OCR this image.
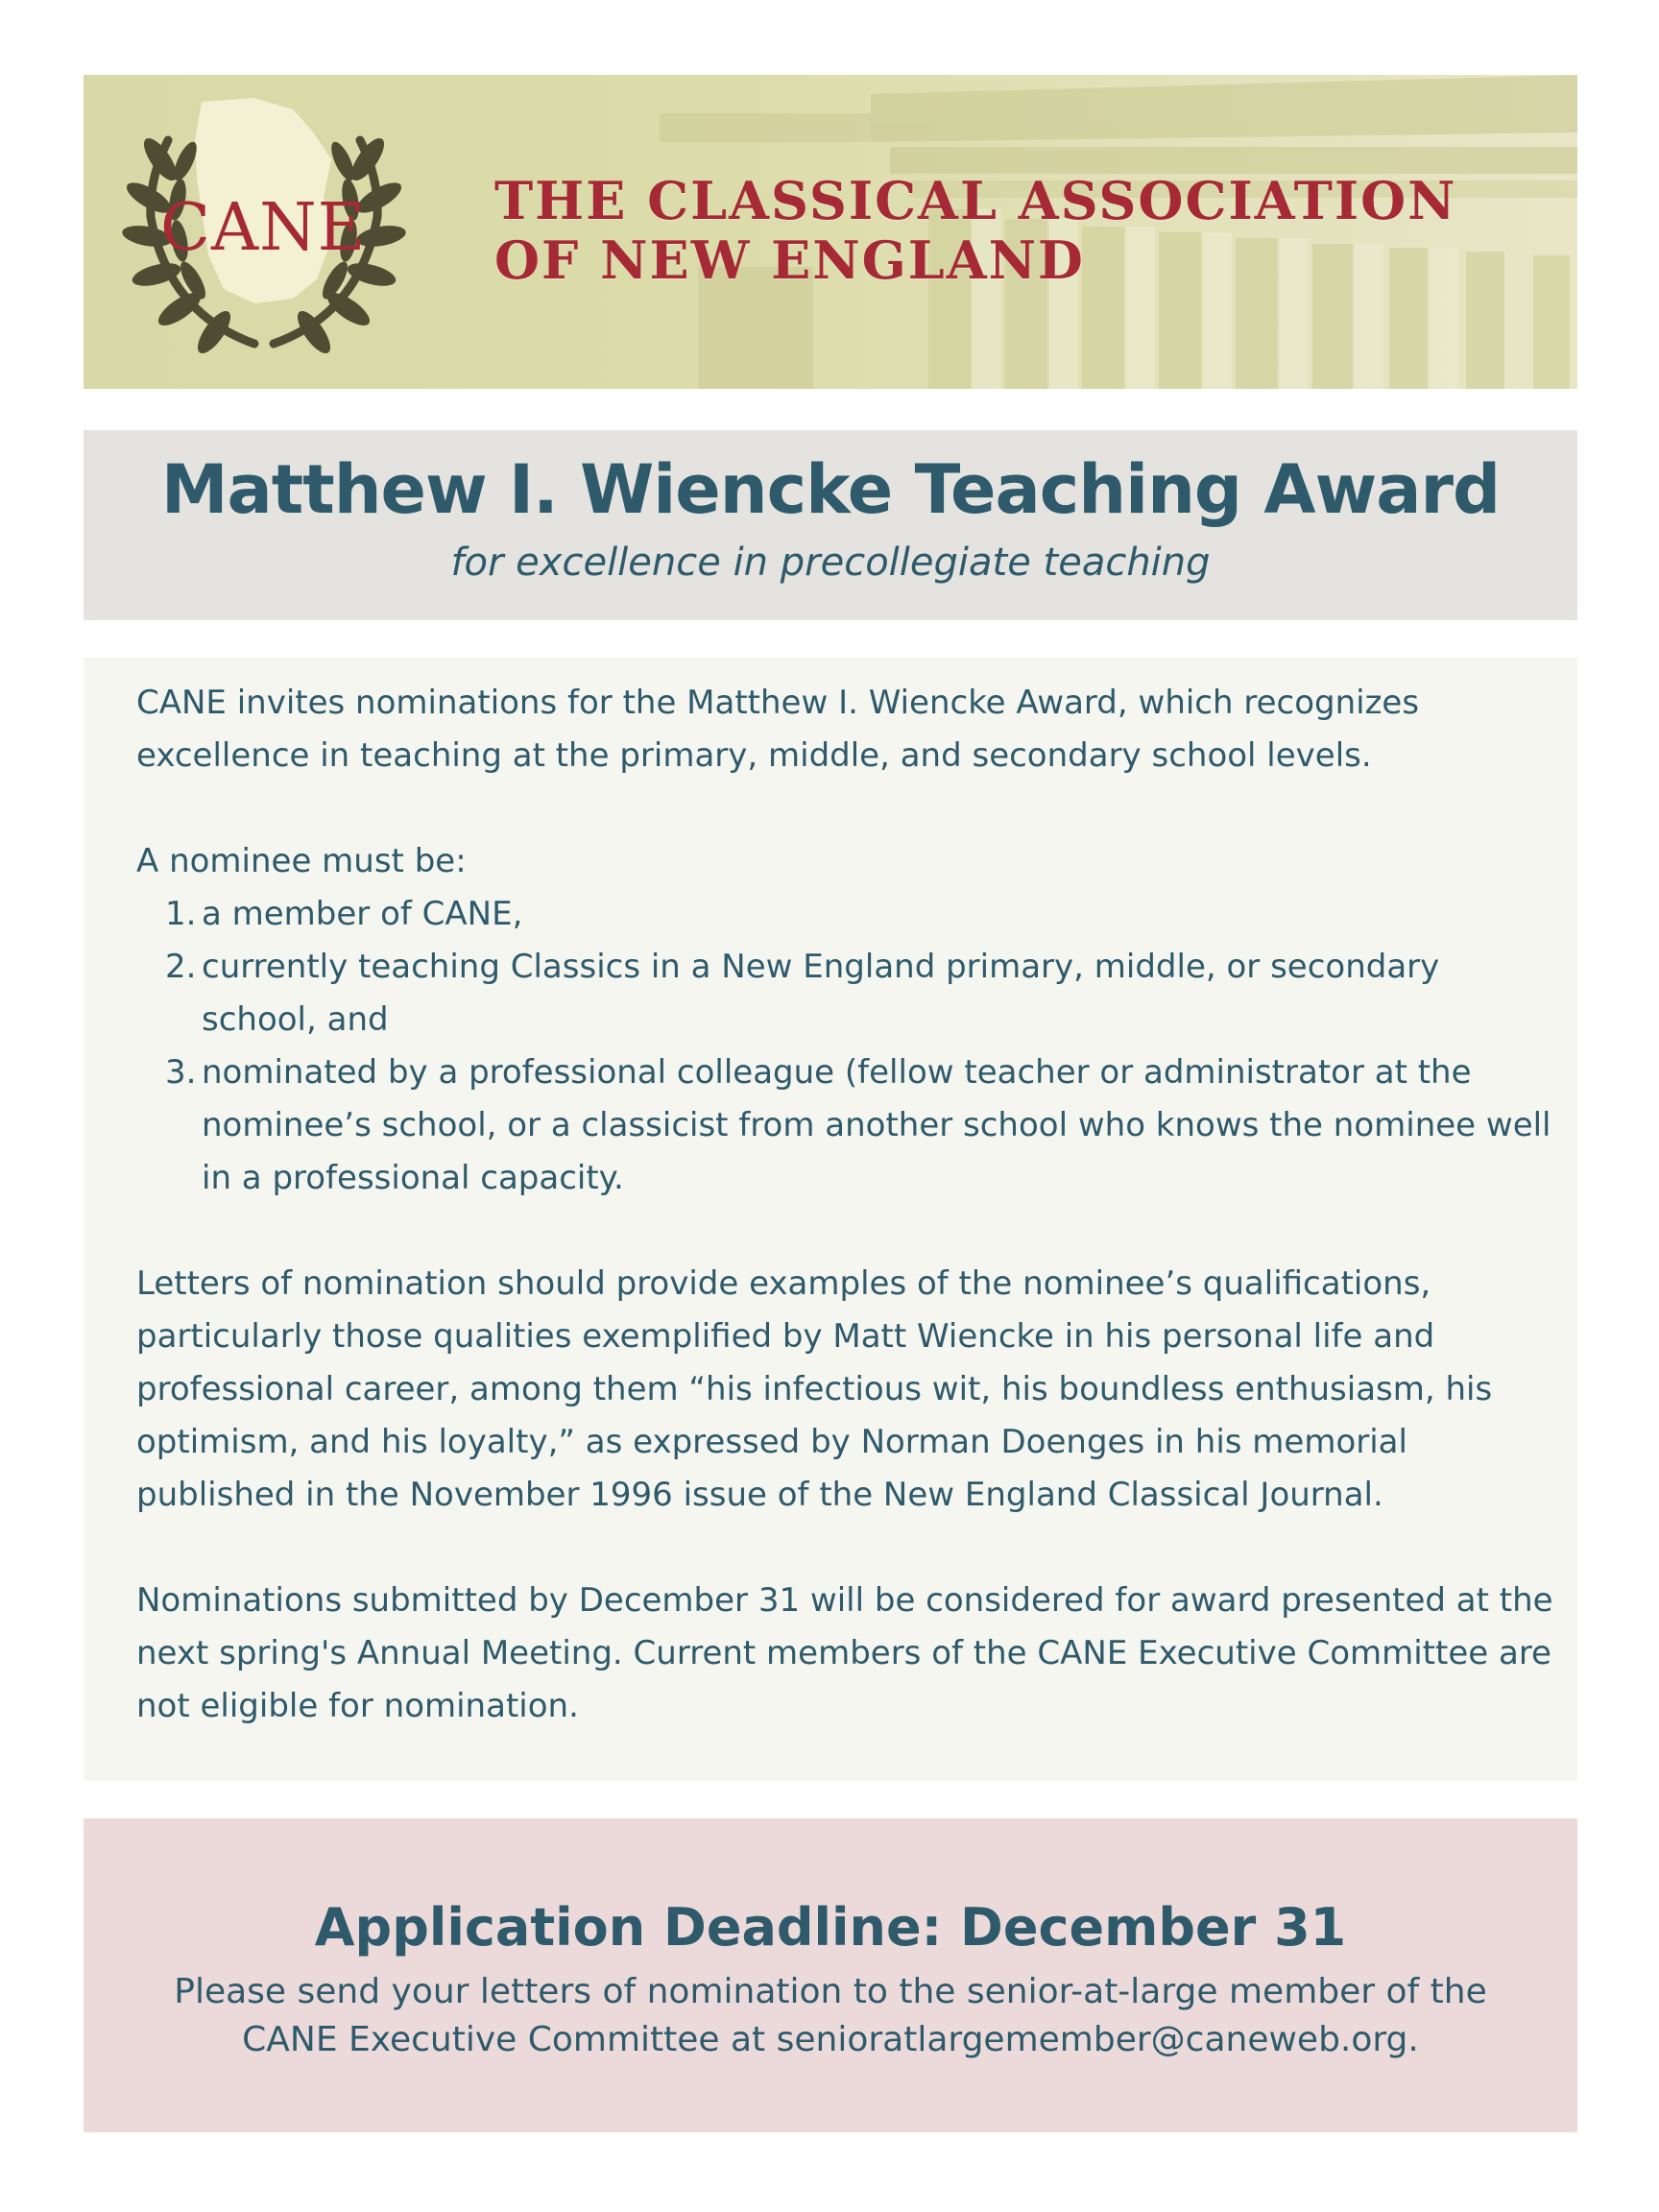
CANE THE CLASSICAL ASSOCIATION
OF NEW ENGLAND
Matthew I. Wiencke Teaching Award
for excellence in precollegiate teaching

CANE invites nominations for the Matthew I. Wiencke Award, which recognizes excellence in teaching at the primary, middle, and secondary school levels.

A nominee must be:

1. a member of CANE,
2. currently teaching Classics in a New England primary, middle, or secondary school, and
3. nominated by a professional colleague (fellow teacher or administrator at the nominee’s school, or a classicist from another school who knows the nominee well in a professional capacity.

Letters of nomination should provide examples of the nominee’s qualifications, particularly those qualities exemplified by Matt Wiencke in his personal life and professional career, among them “his infectious wit, his boundless enthusiasm, his optimism, and his loyalty,” as expressed by Norman Doenges in his memorial published in the November 1996 issue of the New England Classical Journal.

Nominations submitted by December 31 will be considered for award presented at the next spring's Annual Meeting. Current members of the CANE Executive Committee are not eligible for nomination.

Application Deadline: December 31
Please send your letters of nomination to the senior-at-large member of the CANE Executive Committee at senioratlargemember@caneweb.org.
